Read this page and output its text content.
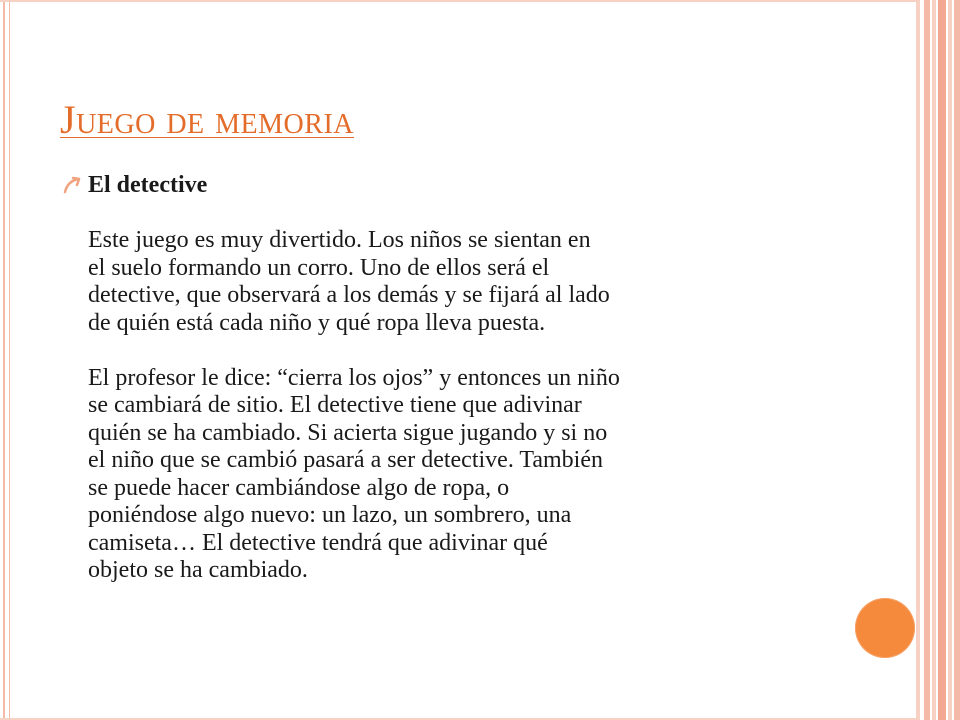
Juego de memoria
El detective

Este juego es muy divertido. Los niños se sientan en
el suelo formando un corro. Uno de ellos será el
detective, que observará a los demás y se fijará al lado
de quién está cada niño y qué ropa lleva puesta.

El profesor le dice: “cierra los ojos” y entonces un niño
se cambiará de sitio. El detective tiene que adivinar
quién se ha cambiado. Si acierta sigue jugando y si no
el niño que se cambió pasará a ser detective. También
se puede hacer cambiándose algo de ropa, o
poniéndose algo nuevo: un lazo, un sombrero, una
camiseta… El detective tendrá que adivinar qué
objeto se ha cambiado.
